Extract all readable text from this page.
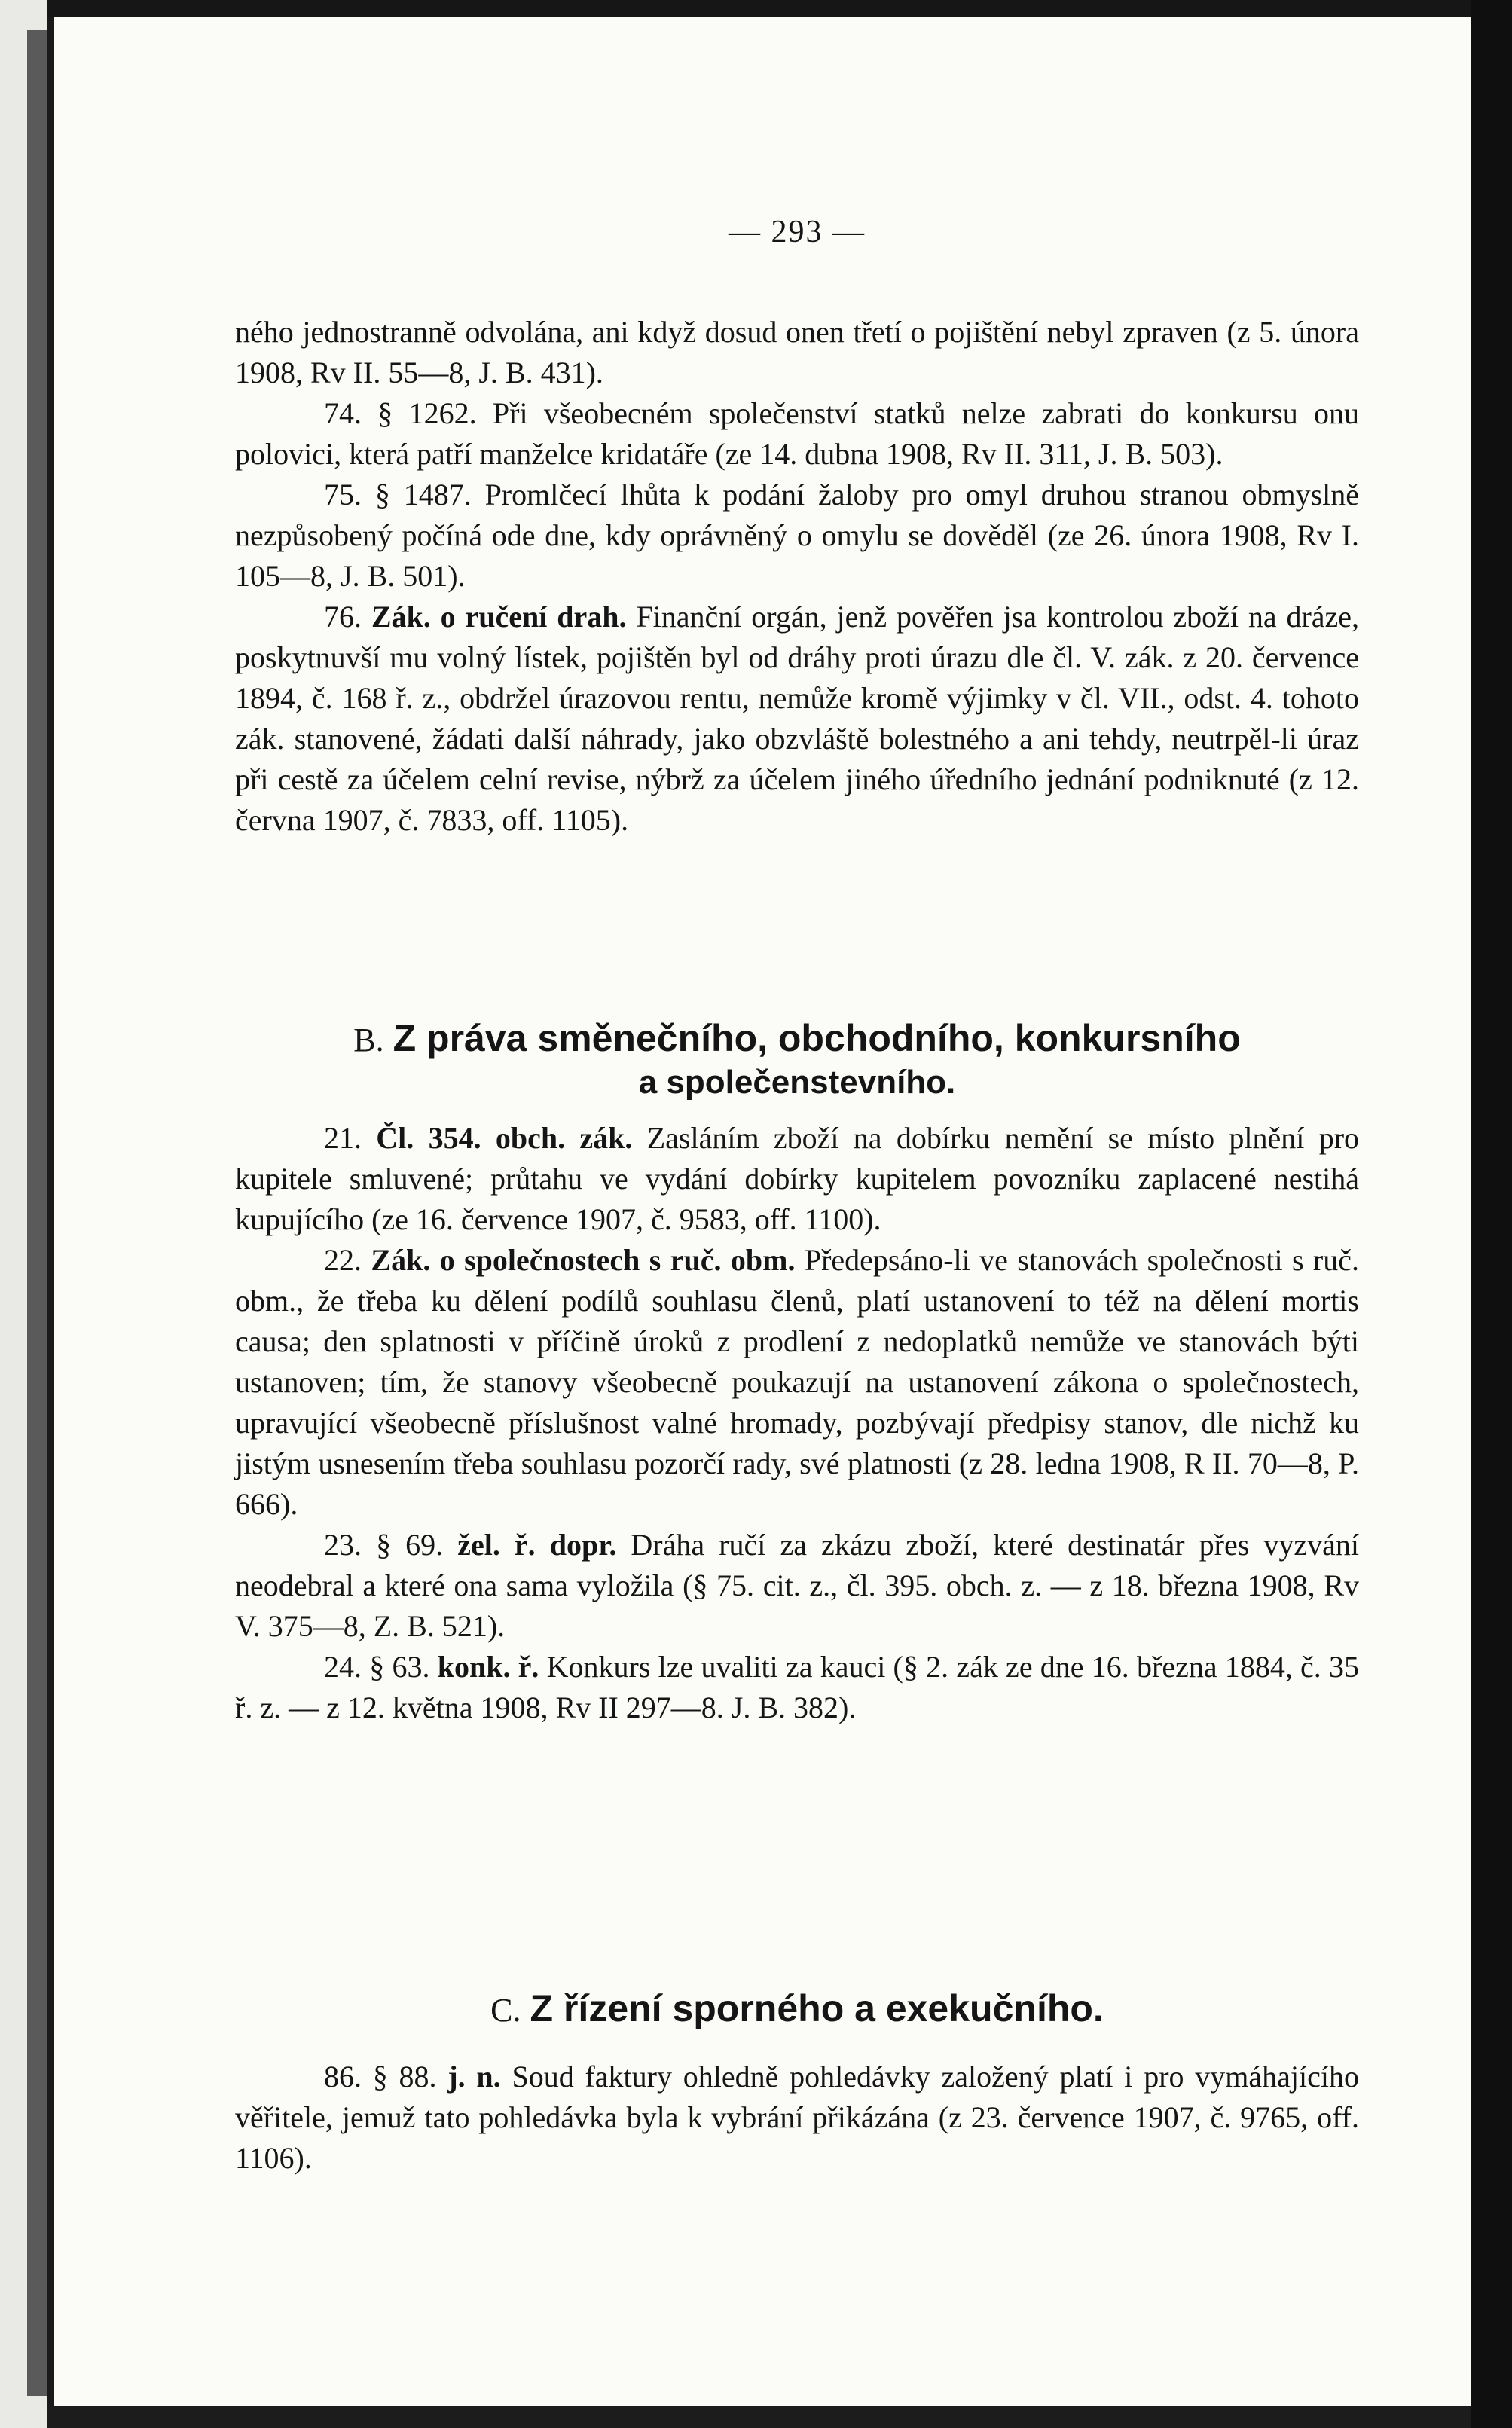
— 293 —

ného jednostranně odvolána, ani když dosud onen třetí o pojištění nebyl zpraven (z 5. února 1908, Rv II. 55—8, J. B. 431).

74. § 1262. Při všeobecném společenství statků nelze zabrati do konkursu onu polovici, která patří manželce kridatáře (ze 14. dubna 1908, Rv II. 311, J. B. 503).

75. § 1487. Promlčecí lhůta k podání žaloby pro omyl druhou stranou obmyslně nezpůsobený počíná ode dne, kdy oprávněný o omylu se dověděl (ze 26. února 1908, Rv I. 105—8, J. B. 501).

76. Zák. o ručení drah. Finanční orgán, jenž pověřen jsa kontrolou zboží na dráze, poskytnuvší mu volný lístek, pojištěn byl od dráhy proti úrazu dle čl. V. zák. z 20. července 1894, č. 168 ř. z., obdržel úrazovou rentu, nemůže kromě výjimky v čl. VII., odst. 4. tohoto zák. stanovené, žádati další náhrady, jako obzvláště bolestného a ani tehdy, neutrpěl-li úraz při cestě za účelem celní revise, nýbrž za účelem jiného úředního jednání podniknuté (z 12. června 1907, č. 7833, off. 1105).

B. Z práva směnečního, obchodního, konkursního
a společenstevního.

21. Čl. 354. obch. zák. Zasláním zboží na dobírku nemění se místo plnění pro kupitele smluvené; průtahu ve vydání dobírky kupitelem povozníku zaplacené nestihá kupujícího (ze 16. července 1907, č. 9583, off. 1100).

22. Zák. o společnostech s ruč. obm. Předepsáno-li ve stanovách společnosti s ruč. obm., že třeba ku dělení podílů souhlasu členů, platí ustanovení to též na dělení mortis causa; den splatnosti v příčině úroků z prodlení z nedoplatků nemůže ve stanovách býti ustanoven; tím, že stanovy všeobecně poukazují na ustanovení zákona o společnostech, upravující všeobecně příslušnost valné hromady, pozbývají předpisy stanov, dle nichž ku jistým usnesením třeba souhlasu pozorčí rady, své platnosti (z 28. ledna 1908, R II. 70—8, P. 666).

23. § 69. žel. ř. dopr. Dráha ručí za zkázu zboží, které destinatár přes vyzvání neodebral a které ona sama vyložila (§ 75. cit. z., čl. 395. obch. z. — z 18. března 1908, Rv V. 375—8, Z. B. 521).

24. § 63. konk. ř. Konkurs lze uvaliti za kauci (§ 2. zák ze dne 16. března 1884, č. 35 ř. z. — z 12. května 1908, Rv II 297—8. J. B. 382).

C. Z řízení sporného a exekučního.

86. § 88. j. n. Soud faktury ohledně pohledávky založený platí i pro vymáhajícího věřitele, jemuž tato pohledávka byla k vybrání přikázána (z 23. července 1907, č. 9765, off. 1106).
